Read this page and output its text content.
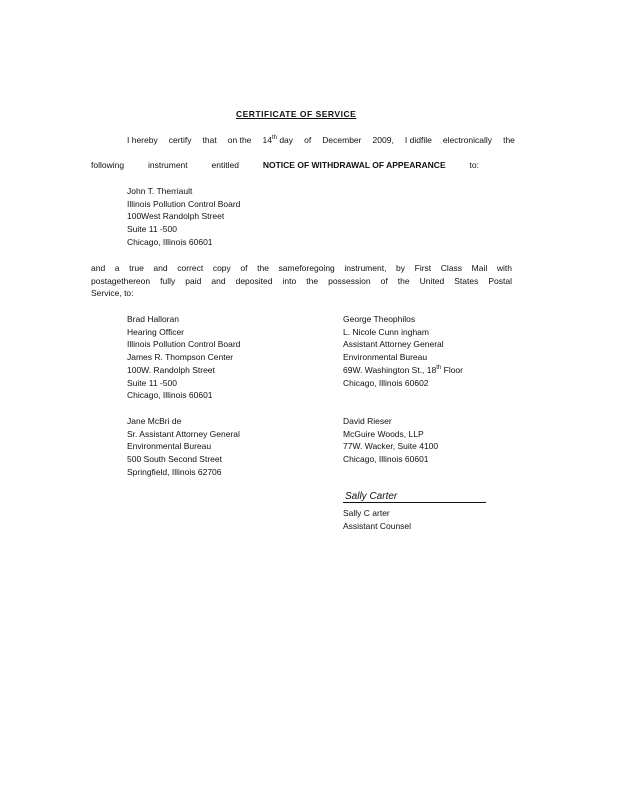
CERTIFICATE OF SERVICE
I hereby certify that on the 14th day of December 2009, I didfile electronically the
following	instrument	entitled	NOTICE OF WITHDRAWAL OF APPEARANCE	to:
John T. Therriault
Illinois Pollution Control Board
100West Randolph Street
Suite 11 -500
Chicago, Illinois 60601
and a true and correct copy of the sameforegoing instrument, by First Class Mail with
postagethereon fully paid and deposited into the possession of the United States Postal
Service, to:
Brad Halloran
Hearing Officer
Illinois Pollution Control Board
James R. Thompson Center
100W. Randolph Street
Suite 11 -500
Chicago, Illinois 60601
George Theophilos
L. Nicole Cunn ingham
Assistant Attorney General
Environmental Bureau
69W. Washington St., 18th Floor
Chicago, Illinois 60602
Jane McBri de
Sr. Assistant Attorney General
Environmental Bureau
500 South Second Street
Springfield, Illinois 62706
David Rieser
McGuire Woods, LLP
77W. Wacker, Suite 4100
Chicago, Illinois 60601
Sally Carter
Sally C arter
Assistant Counsel
